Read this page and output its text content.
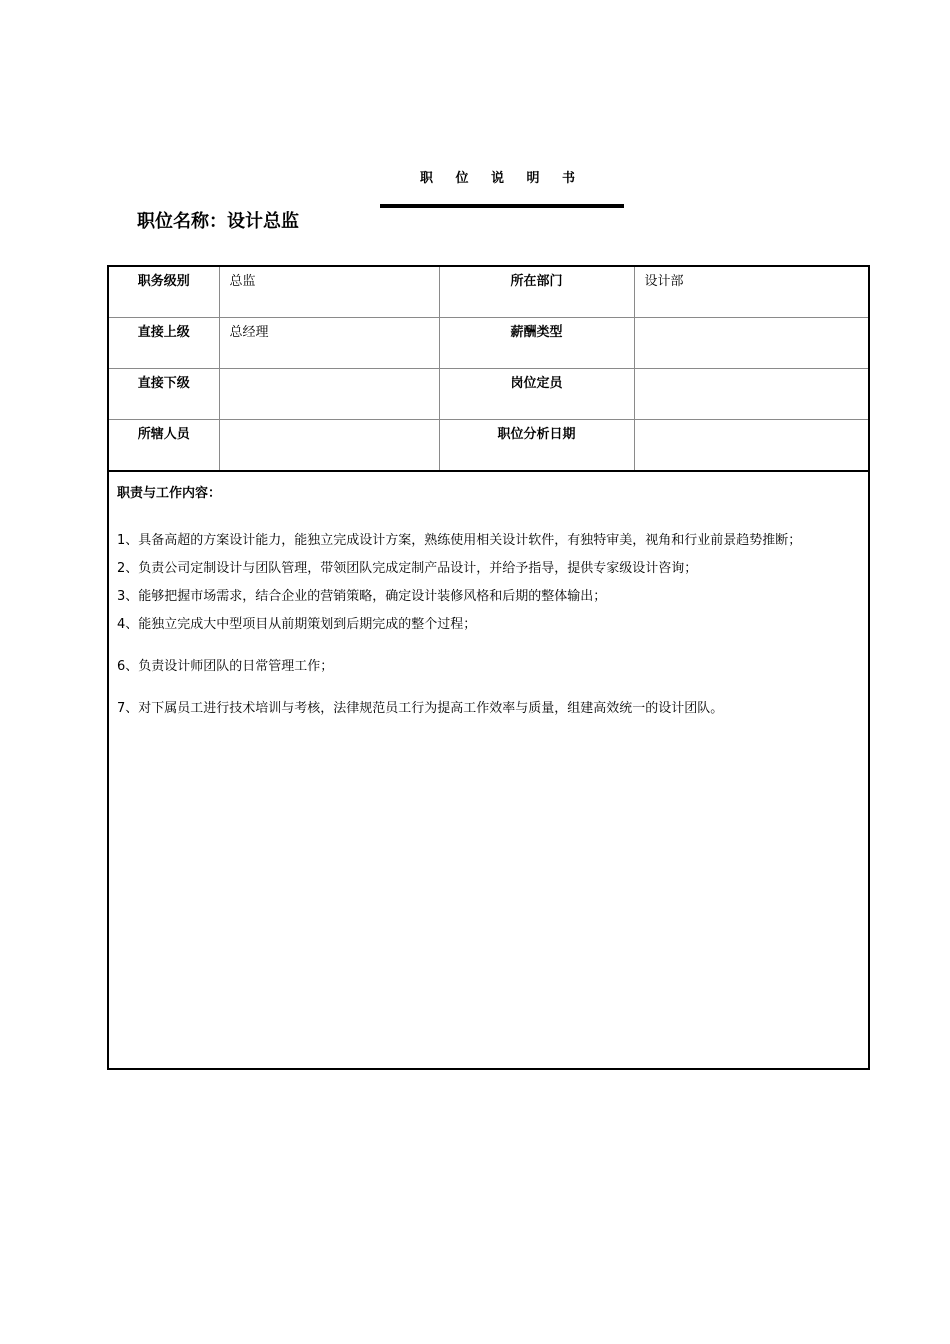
职 位 说 明 书
职位名称：设计总监
职务级别	总监	所在部门	设计部

直接上级	总经理	薪酬类型	

直接下级		岗位定员	

所辖人员		职位分析日期	

职责与工作内容：

1、具备高超的方案设计能力，能独立完成设计方案，熟练使用相关设计软件，有独特审美，视角和行业前景趋势推断；
2、负责公司定制设计与团队管理，带领团队完成定制产品设计，并给予指导，提供专家级设计咨询；
3、能够把握市场需求，结合企业的营销策略，确定设计装修风格和后期的整体输出；
4、能独立完成大中型项目从前期策划到后期完成的整个过程；
6、负责设计师团队的日常管理工作；
7、对下属员工进行技术培训与考核，法律规范员工行为提高工作效率与质量，组建高效统一的设计团队。
